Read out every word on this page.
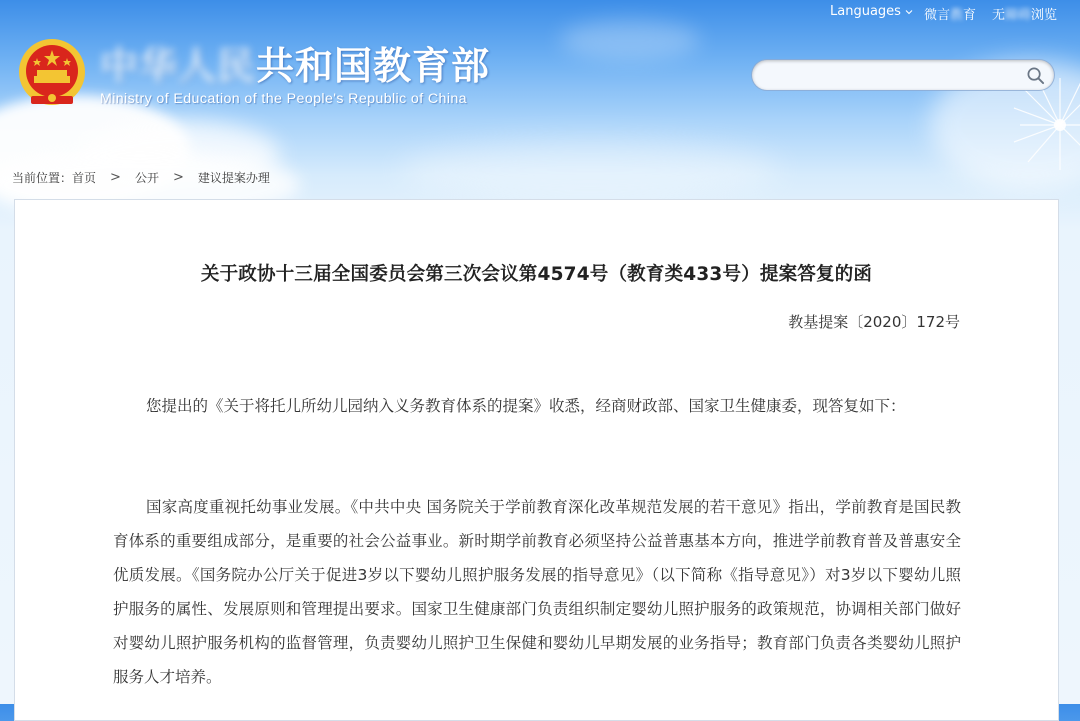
中华人民共和国教育部
Ministry of Education of the People's Republic of China
Languages 微言教育 无障碍浏览
当前位置： 首页 > 公开 > 建议提案办理
关于政协十三届全国委员会第三次会议第4574号（教育类433号）提案答复的函
教基提案〔2020〕172号
您提出的《关于将托儿所幼儿园纳入义务教育体系的提案》收悉，经商财政部、国家卫生健康委，现答复如下：
国家高度重视托幼事业发展。《中共中央 国务院关于学前教育深化改革规范发展的若干意见》指出，学前教育是国民教育体系的重要组成部分，是重要的社会公益事业。新时期学前教育必须坚持公益普惠基本方向，推进学前教育普及普惠安全优质发展。《国务院办公厅关于促进3岁以下婴幼儿照护服务发展的指导意见》（以下简称《指导意见》）对3岁以下婴幼儿照护服务的属性、发展原则和管理提出要求。国家卫生健康部门负责组织制定婴幼儿照护服务的政策规范，协调相关部门做好对婴幼儿照护服务机构的监督管理，负责婴幼儿照护卫生保健和婴幼儿早期发展的业务指导；教育部门负责各类婴幼儿照护服务人才培养。
